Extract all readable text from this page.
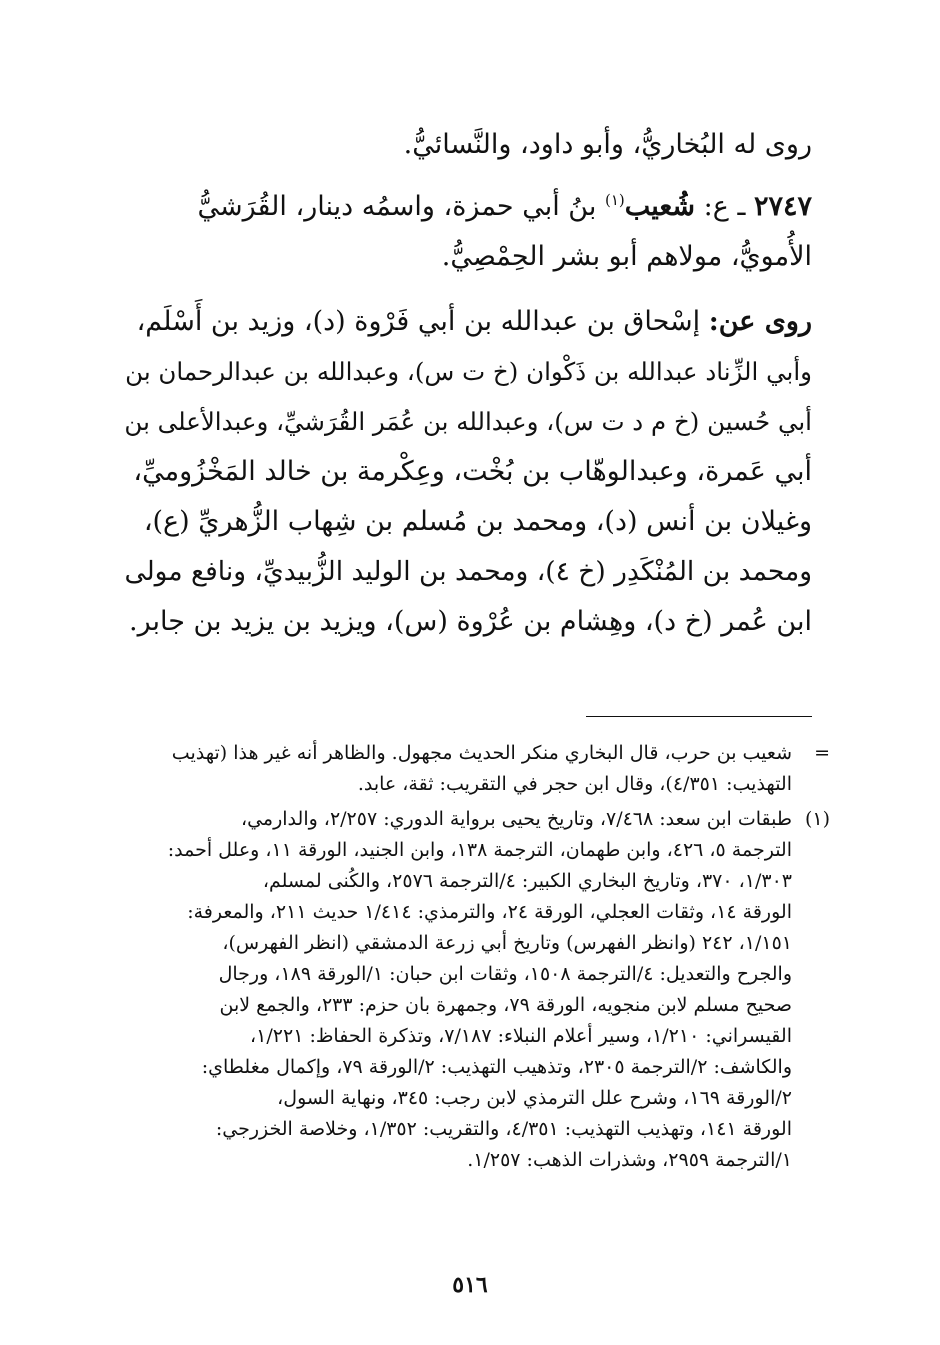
روى له البُخاريُّ، وأبو داود، والنَّسائيُّ.
٢٧٤٧ ـ ع: شُعيب$^{(١)}$ بنُ أبي حمزة، واسمُه دينار، القُرَشيُّ
الأُمويُّ، مولاهم أبو بشر الحِمْصِيُّ.
روى عن: إسْحاق بن عبدالله بن أبي فَرْوة (د)، وزيد بن أَسْلَم،
وأبي الزِّناد عبدالله بن ذَكْوان (خ ت س)، وعبدالله بن عبدالرحمان بن
أبي حُسين (خ م د ت س)، وعبدالله بن عُمَر القُرَشيِّ، وعبدالأعلى بن
أبي عَمرة، وعبدالوهّاب بن بُخْت، وعِكْرمة بن خالد المَخْزُوميِّ،
وغيلان بن أنس (د)، ومحمد بن مُسلم بن شِهاب الزُّهريِّ (ع)،
ومحمد بن المُنْكَدِر (خ ٤)، ومحمد بن الوليد الزُّبيديِّ، ونافع مولى
ابن عُمر (خ د)، وهِشام بن عُرْوة (س)، ويزيد بن يزيد بن جابر.
=
شعيب بن حرب، قال البخاري منكر الحديث مجهول. والظاهر أنه غير هذا (تهذيب
التهذيب: ٤/٣٥١)، وقال ابن حجر في التقريب: ثقة، عابد.
(١)
طبقات ابن سعد: ٧/٤٦٨، وتاريخ يحيى برواية الدوري: ٢/٢٥٧، والدارمي،
الترجمة ٥، ٤٢٦، وابن طهمان، الترجمة ١٣٨، وابن الجنيد، الورقة ١١، وعلل أحمد:
١/٣٠٣، ٣٧٠، وتاريخ البخاري الكبير: ٤/الترجمة ٢٥٧٦، والكُنى لمسلم،
الورقة ١٤، وثقات العجلي، الورقة ٢٤، والترمذي: ١/٤١٤ حديث ٢١١، والمعرفة:
١/١٥١، ٢٤٢ (وانظر الفهرس) وتاريخ أبي زرعة الدمشقي (انظر الفهرس)،
والجرح والتعديل: ٤/الترجمة ١٥٠٨، وثقات ابن حبان: ١/الورقة ١٨٩، ورجال
صحيح مسلم لابن منجويه، الورقة ٧٩، وجمهرة بان حزم: ٢٣٣، والجمع لابن
القيسراني: ١/٢١٠، وسير أعلام النبلاء: ٧/١٨٧، وتذكرة الحفاظ: ١/٢٢١،
والكاشف: ٢/الترجمة ٢٣٠٥، وتذهيب التهذيب: ٢/الورقة ٧٩، وإكمال مغلطاي:
٢/الورقة ١٦٩، وشرح علل الترمذي لابن رجب: ٣٤٥، ونهاية السول،
الورقة ١٤١، وتهذيب التهذيب: ٤/٣٥١، والتقريب: ١/٣٥٢، وخلاصة الخزرجي:
١/الترجمة ٢٩٥٩، وشذرات الذهب: ١/٢٥٧.
٥١٦
